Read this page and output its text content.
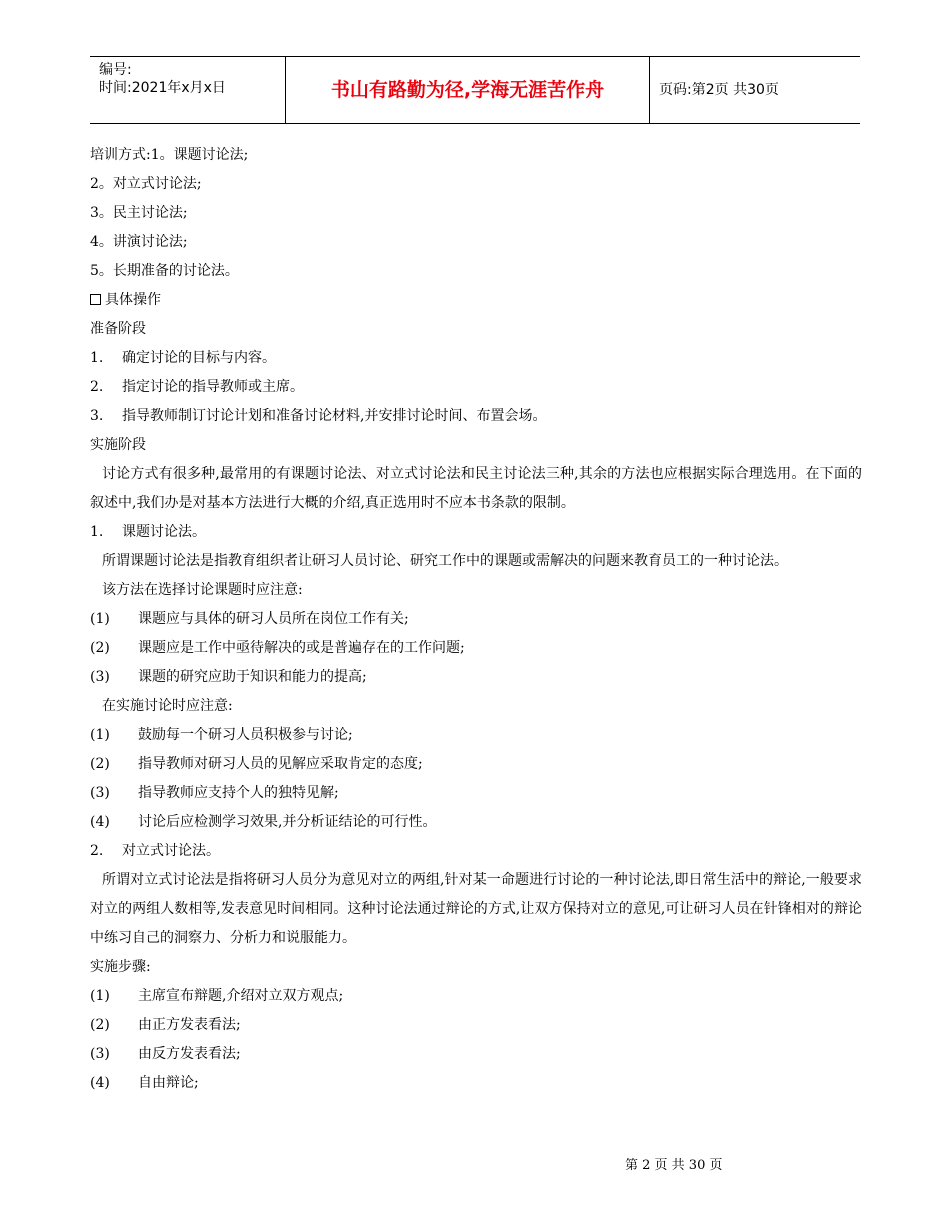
编号:
时间:2021年x月x日	书山有路勤为径,学海无涯苦作舟	页码:第2页 共30页
培训方式:1。课题讨论法;
2。对立式讨论法;
3。民主讨论法;
4。讲演讨论法;
5。长期准备的讨论法。
具体操作
准备阶段
1. 确定讨论的目标与内容。
2. 指定讨论的指导教师或主席。
3. 指导教师制订讨论计划和准备讨论材料,并安排讨论时间、布置会场。
实施阶段
讨论方式有很多种,最常用的有课题讨论法、对立式讨论法和民主讨论法三种,其余的方法也应根据实际合理选用。在下面的叙述中,我们办是对基本方法进行大概的介绍,真正选用时不应本书条款的限制。
1. 课题讨论法。
所谓课题讨论法是指教育组织者让研习人员讨论、研究工作中的课题或需解决的问题来教育员工的一种讨论法。
该方法在选择讨论课题时应注意:
(1) 课题应与具体的研习人员所在岗位工作有关;
(2) 课题应是工作中亟待解决的或是普遍存在的工作问题;
(3) 课题的研究应助于知识和能力的提高;
在实施讨论时应注意:
(1) 鼓励每一个研习人员积极参与讨论;
(2) 指导教师对研习人员的见解应采取肯定的态度;
(3) 指导教师应支持个人的独特见解;
(4) 讨论后应检测学习效果,并分析证结论的可行性。
2. 对立式讨论法。
所谓对立式讨论法是指将研习人员分为意见对立的两组,针对某一命题进行讨论的一种讨论法,即日常生活中的辩论,一般要求对立的两组人数相等,发表意见时间相同。这种讨论法通过辩论的方式,让双方保持对立的意见,可让研习人员在针锋相对的辩论中练习自己的洞察力、分析力和说服能力。
实施步骤:
(1) 主席宣布辩题,介绍对立双方观点;
(2) 由正方发表看法;
(3) 由反方发表看法;
(4) 自由辩论;
第 2 页 共 30 页
